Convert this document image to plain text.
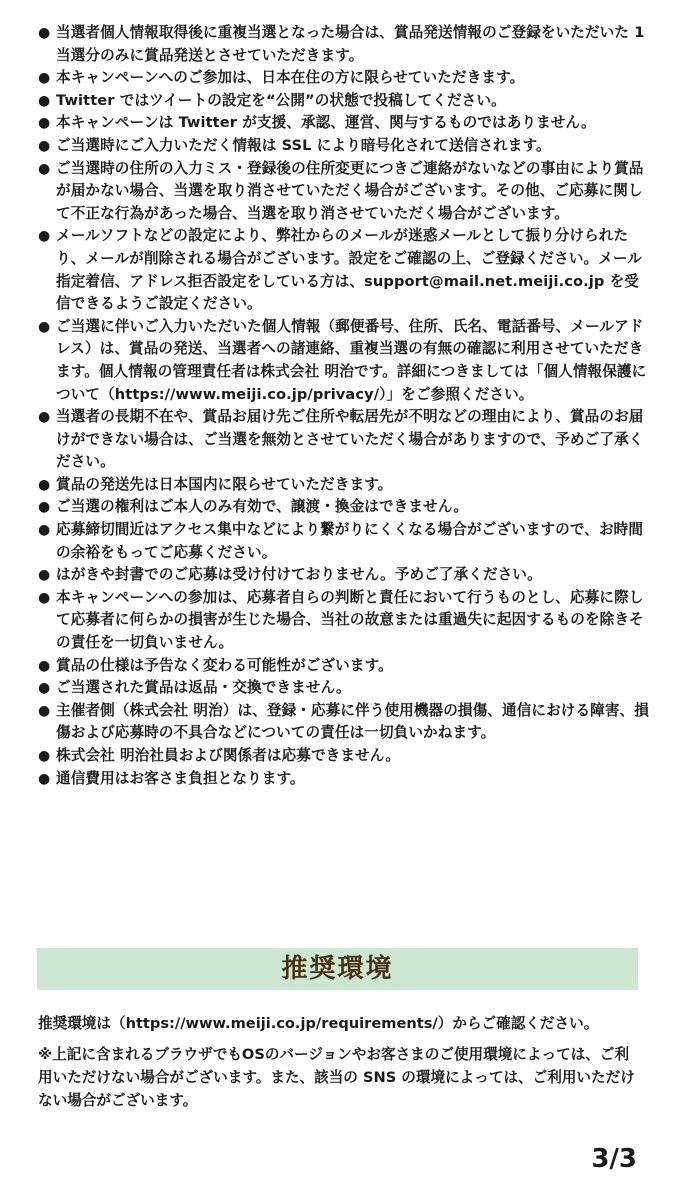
● 当選者個人情報取得後に重複当選となった場合は、賞品発送情報のご登録をいただいた 1 当選分のみに賞品発送とさせていただきます。
● 本キャンペーンへのご参加は、日本在住の方に限らせていただきます。
● Twitter ではツイートの設定を“公開”の状態で投稿してください。
● 本キャンペーンは Twitter が支援、承認、運営、関与するものではありません。
● ご当選時にご入力いただく情報は SSL により暗号化されて送信されます。
● ご当選時の住所の入力ミス・登録後の住所変更につきご連絡がないなどの事由により賞品が届かない場合、当選を取り消させていただく場合がございます。その他、ご応募に関して不正な行為があった場合、当選を取り消させていただく場合がございます。
● メールソフトなどの設定により、弊社からのメールが迷惑メールとして振り分けられたり、メールが削除される場合がございます。設定をご確認の上、ご登録ください。メール指定着信、アドレス拒否設定をしている方は、support@mail.net.meiji.co.jp を受信できるようご設定ください。
● ご当選に伴いご入力いただいた個人情報（郵便番号、住所、氏名、電話番号、メールアドレス）は、賞品の発送、当選者への諸連絡、重複当選の有無の確認に利用させていただきます。個人情報の管理責任者は株式会社 明治です。詳細につきましては「個人情報保護について（https://www.meiji.co.jp/privacy/）」をご参照ください。
● 当選者の長期不在や、賞品お届け先ご住所や転居先が不明などの理由により、賞品のお届けができない場合は、ご当選を無効とさせていただく場合がありますので、予めご了承ください。
● 賞品の発送先は日本国内に限らせていただきます。
● ご当選の権利はご本人のみ有効で、譲渡・換金はできません。
● 応募締切間近はアクセス集中などにより繋がりにくくなる場合がございますので、お時間の余裕をもってご応募ください。
● はがきや封書でのご応募は受け付けておりません。予めご了承ください。
● 本キャンペーンへの参加は、応募者自らの判断と責任において行うものとし、応募に際して応募者に何らかの損害が生じた場合、当社の故意または重過失に起因するものを除きその責任を一切負いません。
● 賞品の仕様は予告なく変わる可能性がございます。
● ご当選された賞品は返品・交換できません。
● 主催者側（株式会社 明治）は、登録・応募に伴う使用機器の損傷、通信における障害、損傷および応募時の不具合などについての責任は一切負いかねます。
● 株式会社 明治社員および関係者は応募できません。
● 通信費用はお客さま負担となります。
推奨環境

推奨環境は（https://www.meiji.co.jp/requirements/）からご確認ください。

※上記に含まれるブラウザでもOSのバージョンやお客さまのご使用環境によっては、ご利用いただけない場合がございます。また、該当の SNS の環境によっては、ご利用いただけない場合がございます。

3/3
